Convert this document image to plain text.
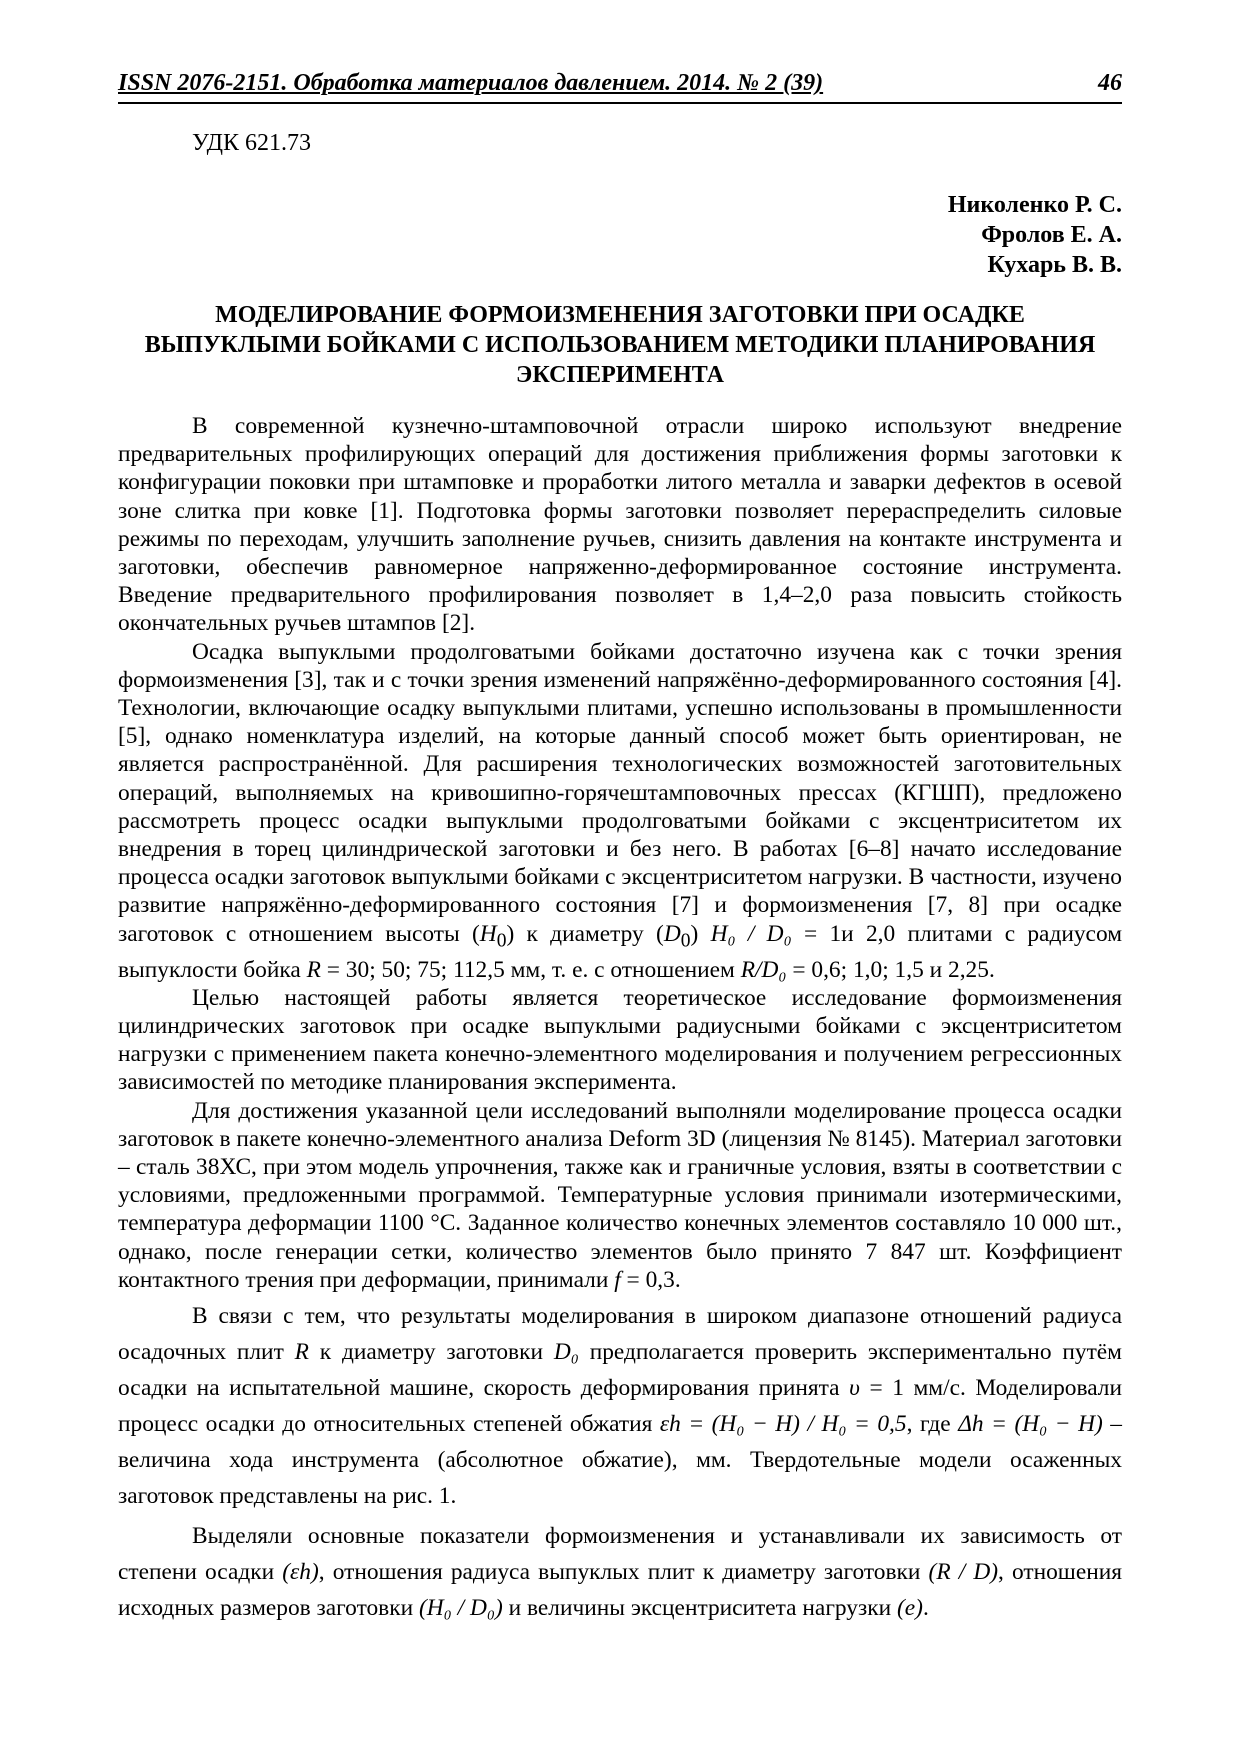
ISSN 2076-2151. Обработка материалов давлением. 2014. № 2 (39)	46
УДК 621.73
Николенко Р. С.
Фролов Е. А.
Кухарь В. В.
МОДЕЛИРОВАНИЕ ФОРМОИЗМЕНЕНИЯ ЗАГОТОВКИ ПРИ ОСАДКЕ
ВЫПУКЛЫМИ БОЙКАМИ С ИСПОЛЬЗОВАНИЕМ МЕТОДИКИ ПЛАНИРОВАНИЯ
ЭКСПЕРИМЕНТА

В современной кузнечно-штамповочной отрасли широко используют внедрение предварительных профилирующих операций для достижения приближения формы заготовки к конфигурации поковки при штамповке и проработки литого металла и заварки дефектов в осевой зоне слитка при ковке [1]. Подготовка формы заготовки позволяет перераспределить силовые режимы по переходам, улучшить заполнение ручьев, снизить давления на контакте инструмента и заготовки, обеспечив равномерное напряженно-деформированное состояние инструмента. Введение предварительного профилирования позволяет в 1,4–2,0 раза повысить стойкость окончательных ручьев штампов [2].

Осадка выпуклыми продолговатыми бойками достаточно изучена как с точки зрения формоизменения [3], так и с точки зрения изменений напряжённо-деформированного состояния [4]. Технологии, включающие осадку выпуклыми плитами, успешно использованы в промышленности [5], однако номенклатура изделий, на которые данный способ может быть ориентирован, не является распространённой. Для расширения технологических возможностей заготовительных операций, выполняемых на кривошипно-горячештамповочных прессах (КГШП), предложено рассмотреть процесс осадки выпуклыми продолговатыми бойками с эксцентриситетом их внедрения в торец цилиндрической заготовки и без него. В работах [6–8] начато исследование процесса осадки заготовок выпуклыми бойками с эксцентриситетом нагрузки. В частности, изучено развитие напряжённо-деформированного состояния [7] и формоизменения [7, 8] при осадке заготовок с отношением высоты $(H_0)$ к диаметру $(D_0)$ H₀ / D₀ = 1и 2,0 плитами с радиусом выпуклости бойка R = 30; 50; 75; 112,5 мм, т. е. с отношением R/D₀ = 0,6; 1,0; 1,5 и 2,25.

Целью настоящей работы является теоретическое исследование формоизменения цилиндрических заготовок при осадке выпуклыми радиусными бойками с эксцентриситетом нагрузки с применением пакета конечно-элементного моделирования и получением регрессионных зависимостей по методике планирования эксперимента.

Для достижения указанной цели исследований выполняли моделирование процесса осадки заготовок в пакете конечно-элементного анализа Deform 3D (лицензия № 8145). Материал заготовки – сталь 38ХС, при этом модель упрочнения, также как и граничные условия, взяты в соответствии с условиями, предложенными программой. Температурные условия принимали изотермическими, температура деформации 1100 °С. Заданное количество конечных элементов составляло 10 000 шт., однако, после генерации сетки, количество элементов было принято 7 847 шт. Коэффициент контактного трения при деформации, принимали f = 0,3.

В связи с тем, что результаты моделирования в широком диапазоне отношений радиуса осадочных плит R к диаметру заготовки D₀ предполагается проверить экспериментально путём осадки на испытательной машине, скорость деформирования принята υ = 1 мм/с. Моделировали процесс осадки до относительных степеней обжатия εh = (H₀ − H) / H₀ = 0,5, где Δh = (H₀ − H) – величина хода инструмента (абсолютное обжатие), мм. Твердотельные модели осаженных заготовок представлены на рис. 1.

Выделяли основные показатели формоизменения и устанавливали их зависимость от степени осадки (εh), отношения радиуса выпуклых плит к диаметру заготовки (R / D), отношения исходных размеров заготовки (H₀ / D₀) и величины эксцентриситета нагрузки (e).
